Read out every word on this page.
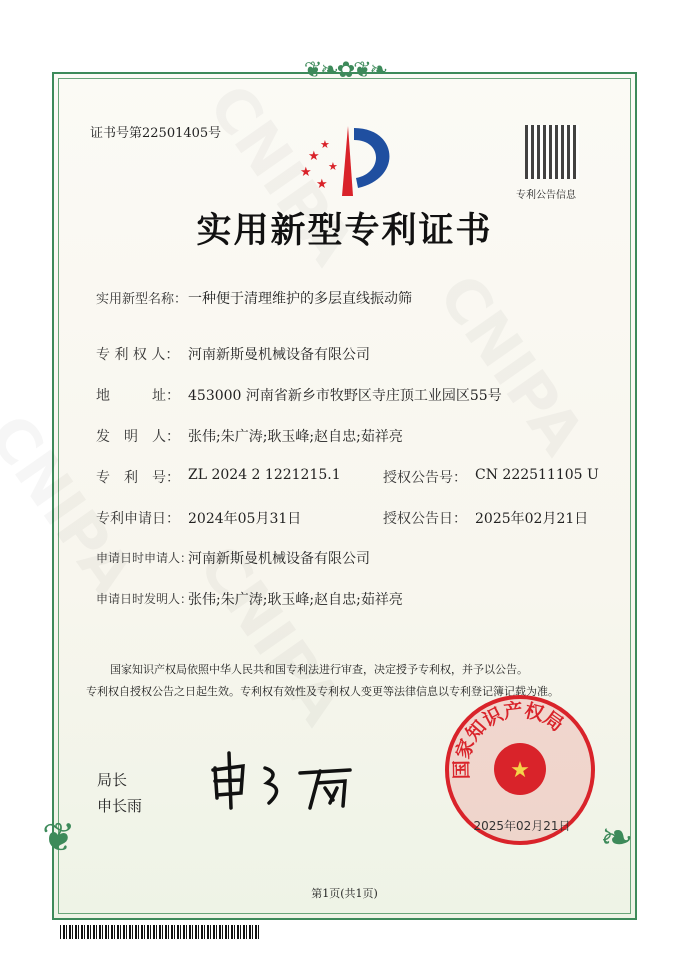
❦❧✿❦❧
❦	❧
证书号第22501405号
★
★
★
★
★
专利公告信息
实用新型专利证书
实用新型名称： 一种便于清理维护的多层直线振动筛
专 利 权 人： 河南新斯曼机械设备有限公司
地　　　址： 453000 河南省新乡市牧野区寺庄顶工业园区55号
发　明　人： 张伟;朱广涛;耿玉峰;赵自忠;茹祥亮
专　利　号： ZL 2024 2 1221215.1	授权公告号： CN 222511105 U
专利申请日： 2024年05月31日	授权公告日： 2025年02月21日
申请日时申请人：
河南新斯曼机械设备有限公司
申请日时发明人：
张伟;朱广涛;耿玉峰;赵自忠;茹祥亮
国家知识产权局依照中华人民共和国专利法进行审查，决定授予专利权，并予以公告。
专利权自授权公告之日起生效。专利权有效性及专利权人变更等法律信息以专利登记簿记载为准。
局长
申长雨
国家知识产权局
★
2025年02月21日
第1页(共1页)
